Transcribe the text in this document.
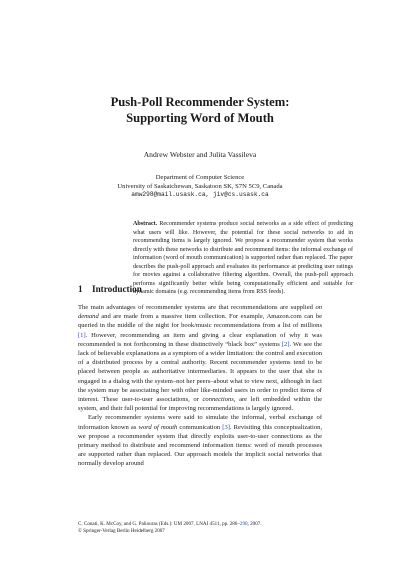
Push-Poll Recommender System:
Supporting Word of Mouth
Andrew Webster and Julita Vassileva
Department of Computer Science
University of Saskatchewan, Saskatoon SK, S7N 5C9, Canada
amw298@mail.usask.ca, jiv@cs.usask.ca
Abstract. Recommender systems produce social networks as a side effect of predicting what users will like. However, the potential for these social networks to aid in recommending items is largely ignored. We propose a recommender system that works directly with these networks to distribute and recommend items: the informal exchange of information (word of mouth communication) is supported rather than replaced. The paper describes the push-poll approach and evaluates its performance at predicting user ratings for movies against a collaborative filtering algorithm. Overall, the push-poll approach performs significantly better while being computationally efficient and suitable for dynamic domains (e.g. recommending items from RSS feeds).
1 Introduction

The main advantages of recommender systems are that recommendations are supplied on demand and are made from a massive item collection. For example, Amazon.com can be queried in the middle of the night for book/music recommendations from a list of millions [1]. However, recommending an item and giving a clear explanation of why it was recommended is not forthcoming in these distinctively “black box” systems [2]. We see the lack of believable explanations as a symptom of a wider limitation: the control and execution of a distributed process by a central authority. Recent recommender systems tend to be placed between people as authoritative intermediaries. It appears to the user that she is engaged in a dialog with the system–not her peers–about what to view next, although in fact the system may be associating her with other like-minded users in order to predict items of interest. These user-to-user associations, or connections, are left embedded within the system, and their full potential for improving recommendations is largely ignored.

Early recommender systems were said to simulate the informal, verbal exchange of information known as word of mouth communication [3]. Revisiting this conceptualization, we propose a recommender system that directly exploits user-to-user connections as the primary method to distribute and recommend information items: word of mouth processes are supported rather than replaced. Our approach models the implicit social networks that normally develop around

C. Conati, K. McCoy, and G. Paliouras (Eds.): UM 2007, LNAI 4511, pp. 286–290, 2007.
© Springer-Verlag Berlin Heidelberg 2007
